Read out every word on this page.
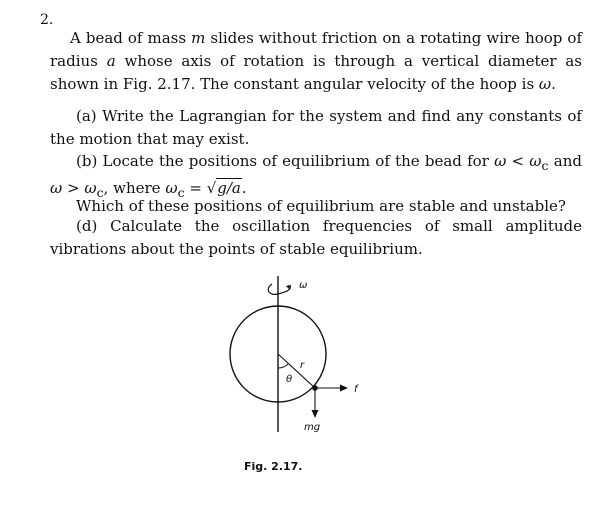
2.

A bead of mass m slides without friction on a rotating wire hoop of radius a whose axis of rotation is through a vertical diameter as shown in Fig. 2.17. The constant angular velocity of the hoop is ω.

(a) Write the Lagrangian for the system and find any constants of the motion that may exist.

(b) Locate the positions of equilibrium of the bead for $\omega < \omega_c$ and $\omega > \omega_c$, where $\omega_c = √g/a$.

Which of these positions of equilibrium are stable and unstable?

(d) Calculate the oscillation frequencies of small amplitude vibrations about the points of stable equilibrium.

ω
r
θ
f
mg
Fig. 2.17.
